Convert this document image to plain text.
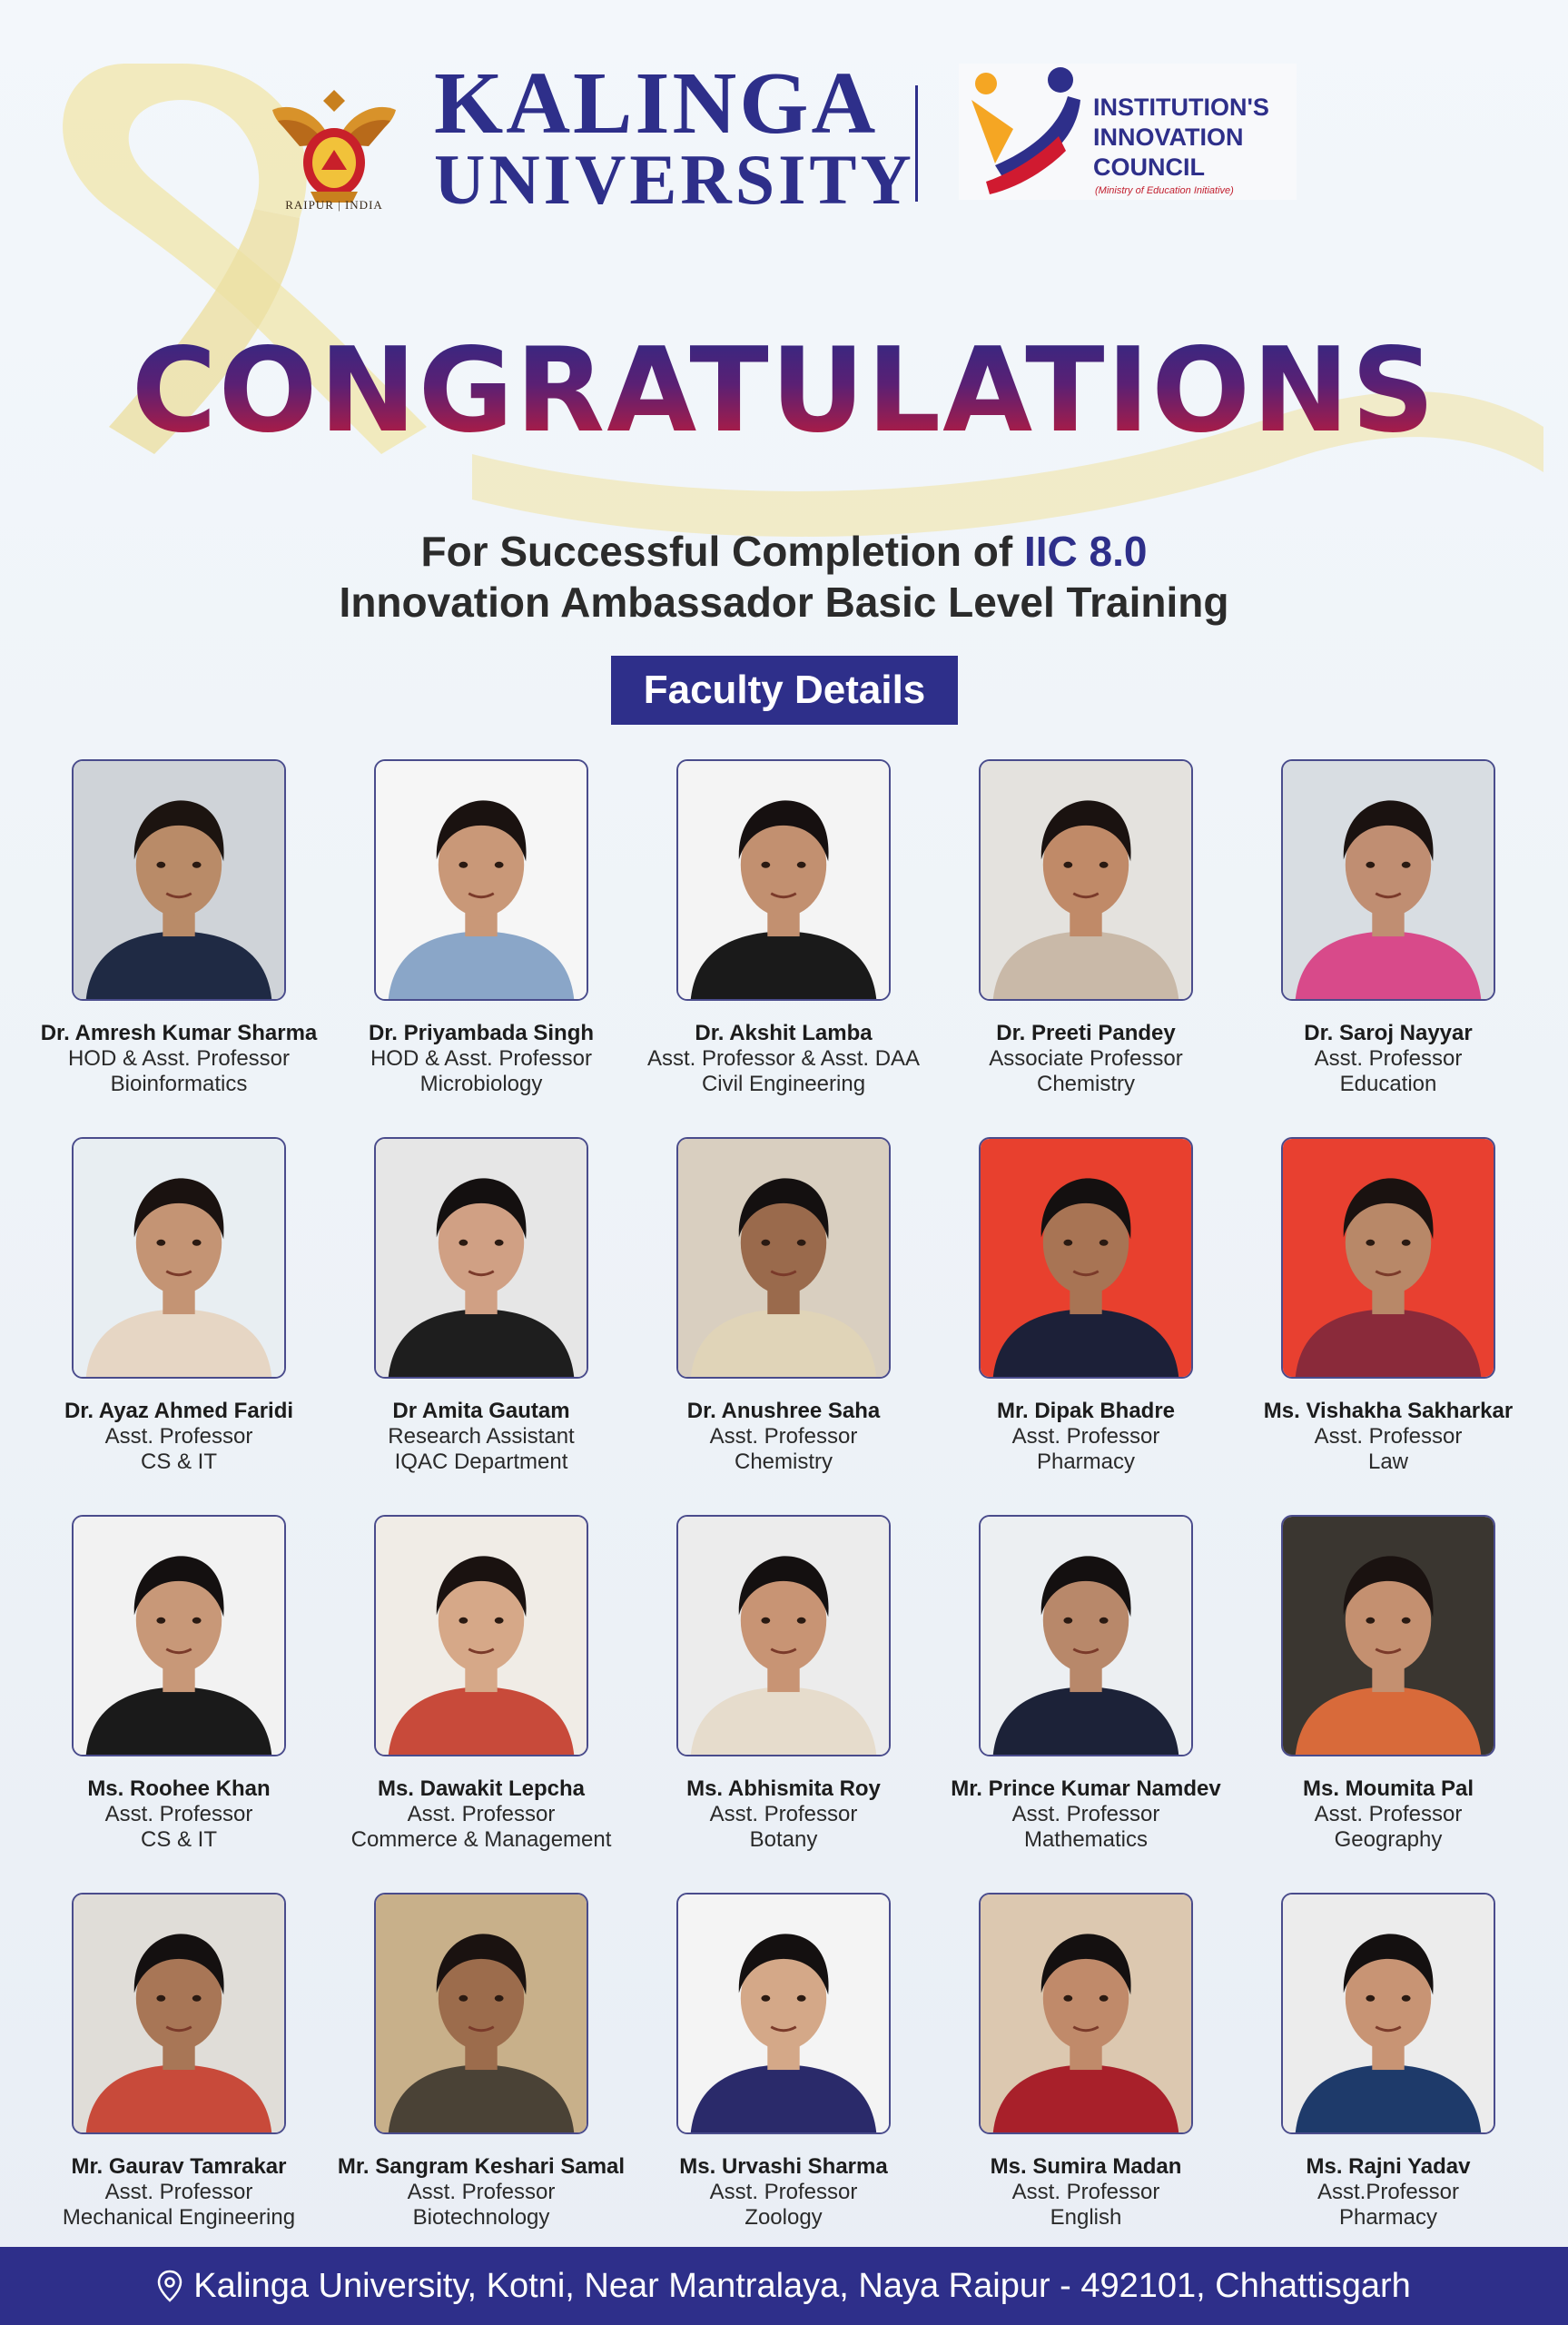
RAIPUR | INDIA
KALINGA
UNIVERSITY
INSTITUTION'S
INNOVATION
COUNCIL
(Ministry of Education Initiative)
CONGRATULATIONS
For Successful Completion of IIC 8.0
Innovation Ambassador Basic Level Training
Faculty Details
Dr. Amresh Kumar Sharma
HOD & Asst. Professor
Bioinformatics
Dr. Priyambada Singh
HOD & Asst. Professor
Microbiology
Dr. Akshit Lamba
Asst. Professor & Asst. DAA
Civil Engineering
Dr. Preeti Pandey
Associate Professor
Chemistry
Dr. Saroj Nayyar
Asst. Professor
Education
Dr. Ayaz Ahmed Faridi
Asst. Professor
CS & IT
Dr Amita Gautam
Research Assistant
IQAC Department
Dr. Anushree Saha
Asst. Professor
Chemistry
Mr. Dipak Bhadre
Asst. Professor
Pharmacy
Ms. Vishakha Sakharkar
Asst. Professor
Law
Ms. Roohee Khan
Asst. Professor
CS & IT
Ms. Dawakit Lepcha
Asst. Professor
Commerce & Management
Ms. Abhismita Roy
Asst. Professor
Botany
Mr. Prince Kumar Namdev
Asst. Professor
Mathematics
Ms. Moumita Pal
Asst. Professor
Geography
Mr. Gaurav Tamrakar
Asst. Professor
Mechanical Engineering
Mr. Sangram Keshari Samal
Asst. Professor
Biotechnology
Ms. Urvashi Sharma
Asst. Professor
Zoology
Ms. Sumira Madan
Asst. Professor
English
Ms. Rajni Yadav
Asst.Professor
Pharmacy
Kalinga University, Kotni, Near Mantralaya, Naya Raipur - 492101, Chhattisgarh
